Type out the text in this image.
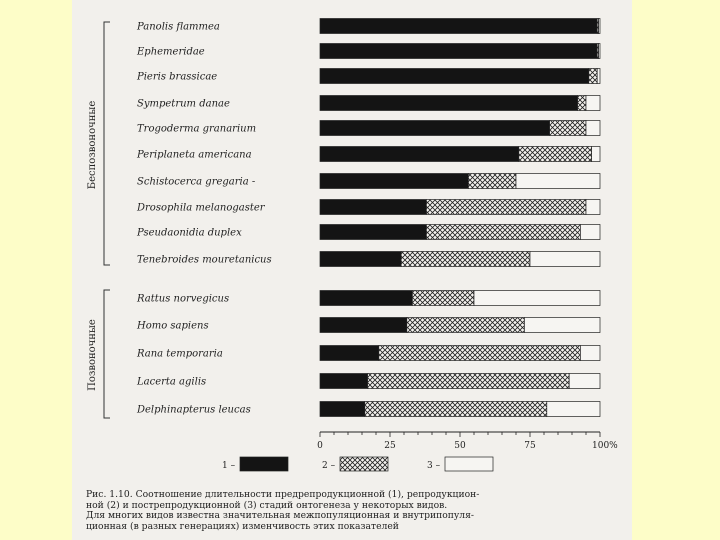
Panolis flammea
Ephemeridae
Pieris brassicae
Sympetrum danae
Trogoderma granarium
Periplaneta americana
Schistocerca gregaria -
Drosophila melanogaster
Pseudaonidia duplex
Tenebroides mouretanicus
Rattus norvegicus
Homo sapiens
Rana temporaria
Lacerta agilis
Delphinapterus leucas
Беспозвоночные
Позвоночные
0	25	50	75	100%
1 –	2 –	3 –
Рис. 1.10. Соотношение длительности предрепродукционной (1), репродукцион-
ной (2) и пострепродукционной (3) стадий онтогенеза у некоторых видов.
Для многих видов известна значительная межпопуляционная и внутрипопуля-
ционная (в разных генерациях) изменчивость этих показателей
